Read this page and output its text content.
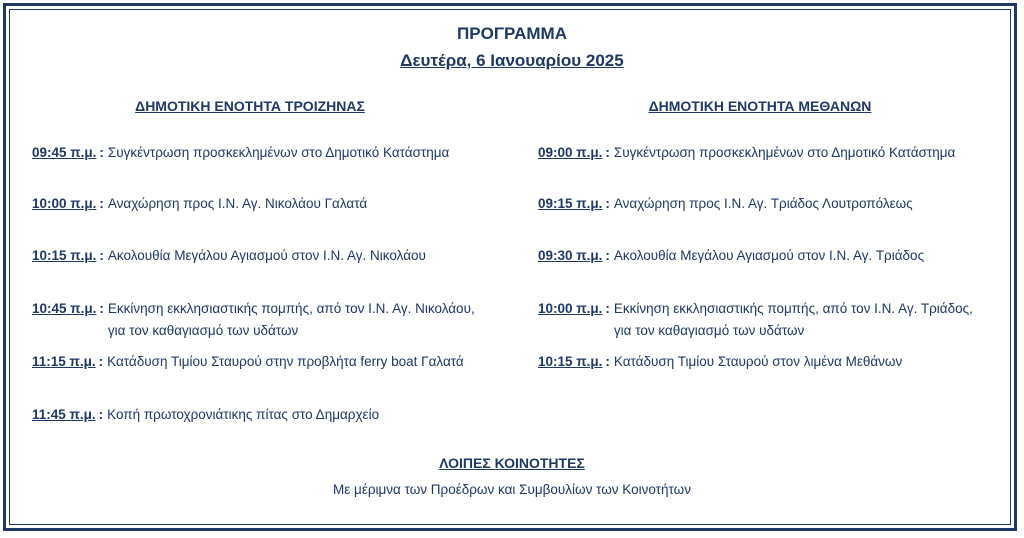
ΠΡΟΓΡΑΜΜΑ
Δευτέρα, 6 Ιανουαρίου 2025
ΔΗΜΟΤΙΚΗ ΕΝΟΤΗΤΑ ΤΡΟΙΖΗΝΑΣ	ΔΗΜΟΤΙΚΗ ΕΝΟΤΗΤΑ ΜΕΘΑΝΩΝ
09:45 π.μ. : Συγκέντρωση προσκεκλημένων στο Δημοτικό Κατάστημα
10:00 π.μ. : Αναχώρηση προς Ι.Ν. Αγ. Νικολάου Γαλατά
10:15 π.μ. : Ακολουθία Μεγάλου Αγιασμού στον Ι.Ν. Αγ. Νικολάου
10:45 π.μ. : Εκκίνηση εκκλησιαστικής πομπής, από τον Ι.Ν. Αγ. Νικολάου,
για τον καθαγιασμό των υδάτων
11:15 π.μ. : Κατάδυση Τιμίου Σταυρού στην προβλήτα ferry boat Γαλατά
11:45 π.μ. : Κοπή πρωτοχρονιάτικης πίτας στο Δημαρχείο
09:00 π.μ. : Συγκέντρωση προσκεκλημένων στο Δημοτικό Κατάστημα
09:15 π.μ. : Αναχώρηση προς Ι.Ν. Αγ. Τριάδος Λουτροπόλεως
09:30 π.μ. : Ακολουθία Μεγάλου Αγιασμού στον Ι.Ν. Αγ. Τριάδος
10:00 π.μ. : Εκκίνηση εκκλησιαστικής πομπής, από τον Ι.Ν. Αγ. Τριάδος,
για τον καθαγιασμό των υδάτων
10:15 π.μ. : Κατάδυση Τιμίου Σταυρού στον λιμένα Μεθάνων
ΛΟΙΠΕΣ ΚΟΙΝΟΤΗΤΕΣ
Με μέριμνα των Προέδρων και Συμβουλίων των Κοινοτήτων
